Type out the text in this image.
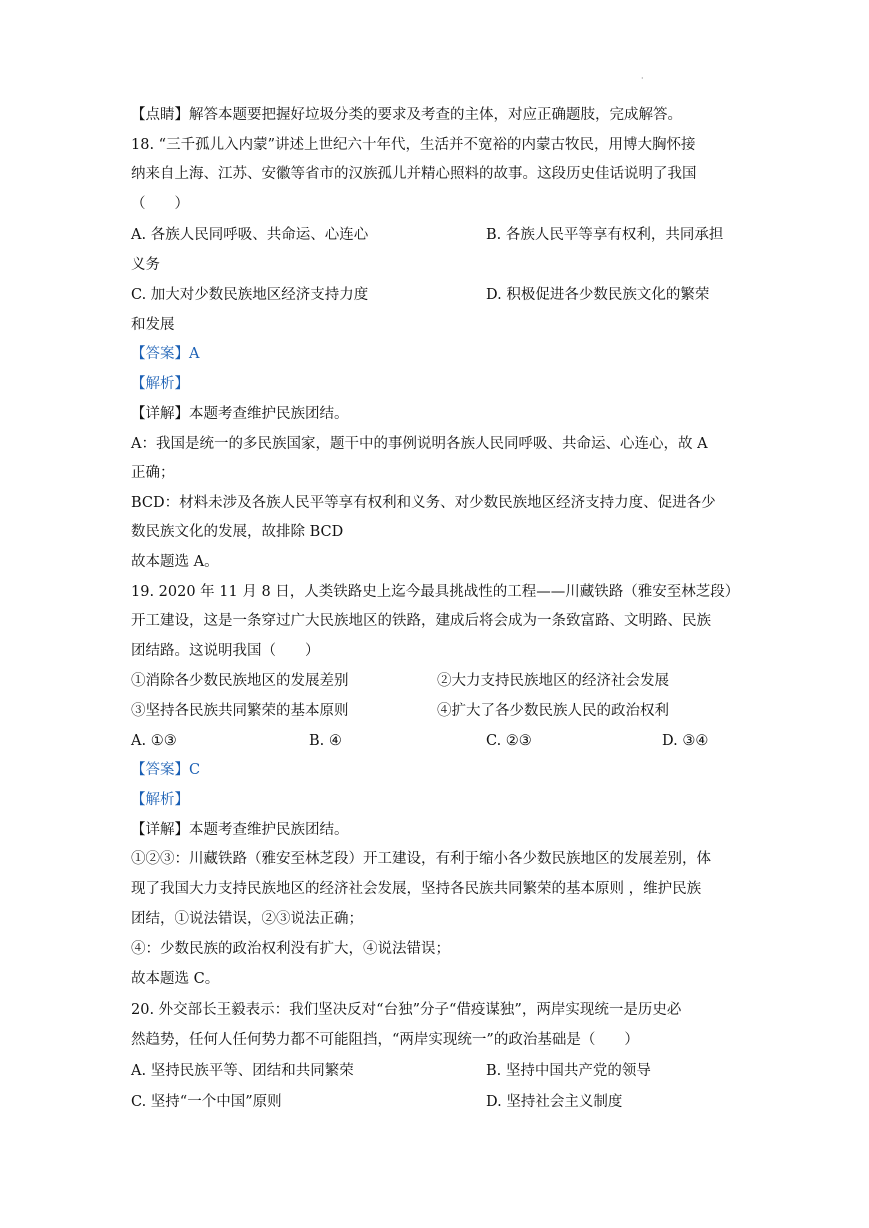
·
【点睛】解答本题要把握好垃圾分类的要求及考查的主体，对应正确题肢，完成解答。
18. “三千孤儿入内蒙”讲述上世纪六十年代，生活并不宽裕的内蒙古牧民，用博大胸怀接
纳来自上海、江苏、安徽等省市的汉族孤儿并精心照料的故事。这段历史佳话说明了我国
（　　）
A. 各族人民同呼吸、共命运、心连心	B. 各族人民平等享有权利，共同承担
义务
C. 加大对少数民族地区经济支持力度	D. 积极促进各少数民族文化的繁荣
和发展
【答案】A
【解析】
【详解】本题考查维护民族团结。
A：我国是统一的多民族国家，题干中的事例说明各族人民同呼吸、共命运、心连心，故 A
正确；
BCD：材料未涉及各族人民平等享有权利和义务、对少数民族地区经济支持力度、促进各少
数民族文化的发展，故排除 BCD
故本题选 A。
19. 2020 年 11 月 8 日，人类铁路史上迄今最具挑战性的工程——川藏铁路（雅安至林芝段）
开工建设，这是一条穿过广大民族地区的铁路，建成后将会成为一条致富路、文明路、民族
团结路。这说明我国（　　）
①消除各少数民族地区的发展差别	②大力支持民族地区的经济社会发展
③坚持各民族共同繁荣的基本原则	④扩大了各少数民族人民的政治权利
A. ①③	B. ④	C. ②③	D. ③④
【答案】C
【解析】
【详解】本题考查维护民族团结。
①②③：川藏铁路（雅安至林芝段）开工建设，有利于缩小各少数民族地区的发展差别，体
现了我国大力支持民族地区的经济社会发展，坚持各民族共同繁荣的基本原则 ，维护民族
团结，①说法错误，②③说法正确；
④：少数民族的政治权利没有扩大，④说法错误；
故本题选 C。
20. 外交部长王毅表示：我们坚决反对“台独”分子“借疫谋独”，两岸实现统一是历史必
然趋势，任何人任何势力都不可能阻挡，“两岸实现统一”的政治基础是（　　）
A. 坚持民族平等、团结和共同繁荣	B. 坚持中国共产党的领导
C. 坚持“一个中国”原则	D. 坚持社会主义制度
